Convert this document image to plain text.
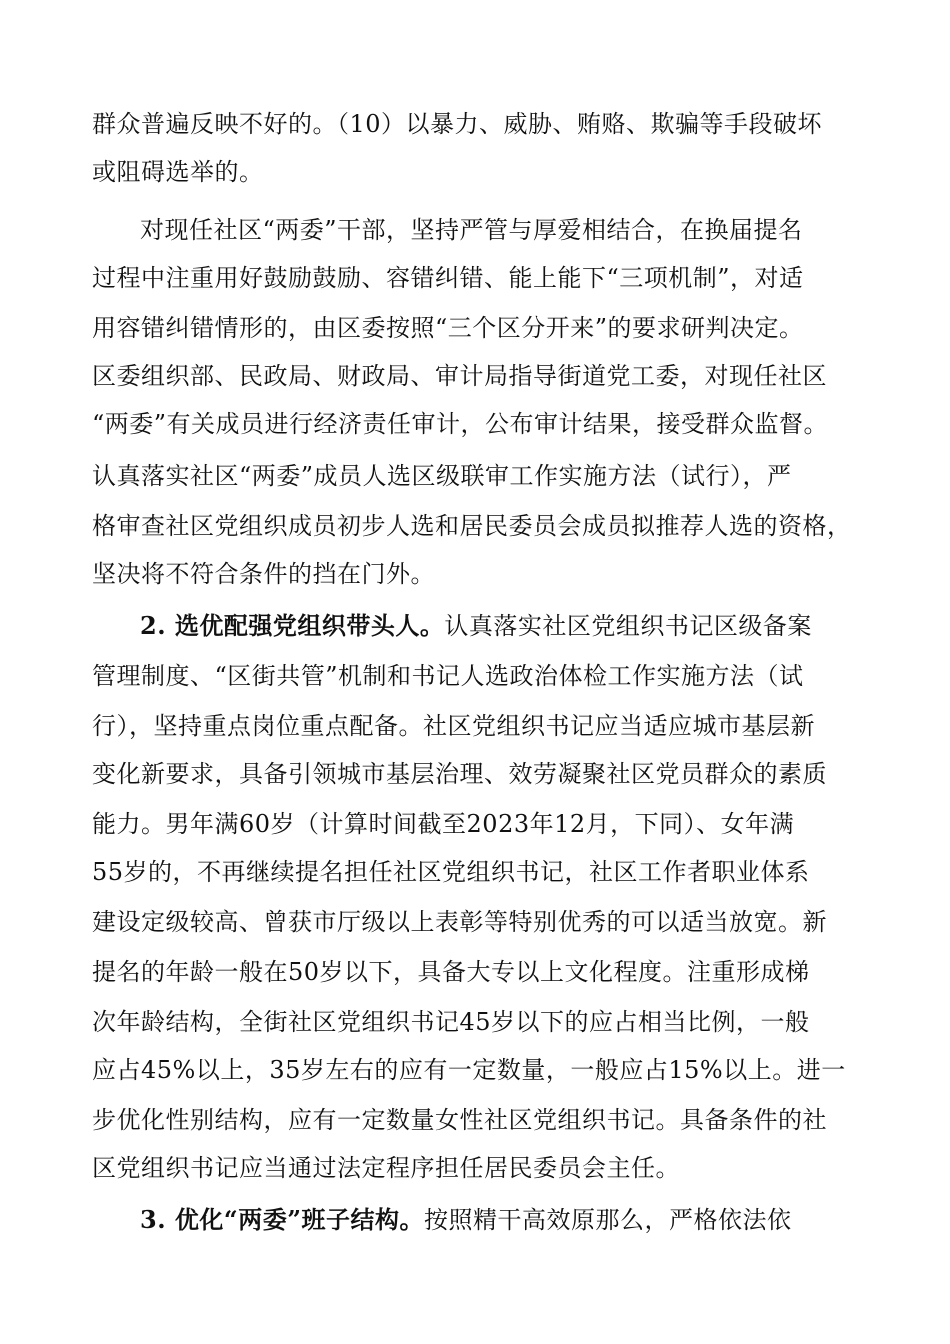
群众普遍反映不好的。（10）以暴力、威胁、贿赂、欺骗等手段破坏
或阻碍选举的。
对现任社区“两委”干部，坚持严管与厚爱相结合，在换届提名
过程中注重用好鼓励鼓励、容错纠错、能上能下“三项机制”，对适
用容错纠错情形的，由区委按照“三个区分开来”的要求研判决定。
区委组织部、民政局、财政局、审计局指导街道党工委，对现任社区
“两委”有关成员进行经济责任审计，公布审计结果，接受群众监督。
认真落实社区“两委”成员人选区级联审工作实施方法（试行），严
格审查社区党组织成员初步人选和居民委员会成员拟推荐人选的资格，
坚决将不符合条件的挡在门外。
2. 选优配强党组织带头人。认真落实社区党组织书记区级备案
管理制度、“区街共管”机制和书记人选政治体检工作实施方法（试
行），坚持重点岗位重点配备。社区党组织书记应当适应城市基层新
变化新要求，具备引领城市基层治理、效劳凝聚社区党员群众的素质
能力。男年满60岁（计算时间截至2023年12月，下同）、女年满
55岁的，不再继续提名担任社区党组织书记，社区工作者职业体系
建设定级较高、曾获市厅级以上表彰等特别优秀的可以适当放宽。新
提名的年龄一般在50岁以下，具备大专以上文化程度。注重形成梯
次年龄结构，全街社区党组织书记45岁以下的应占相当比例，一般
应占45%以上，35岁左右的应有一定数量，一般应占15%以上。进一
步优化性别结构，应有一定数量女性社区党组织书记。具备条件的社
区党组织书记应当通过法定程序担任居民委员会主任。
3. 优化“两委”班子结构。按照精干高效原那么，严格依法依
